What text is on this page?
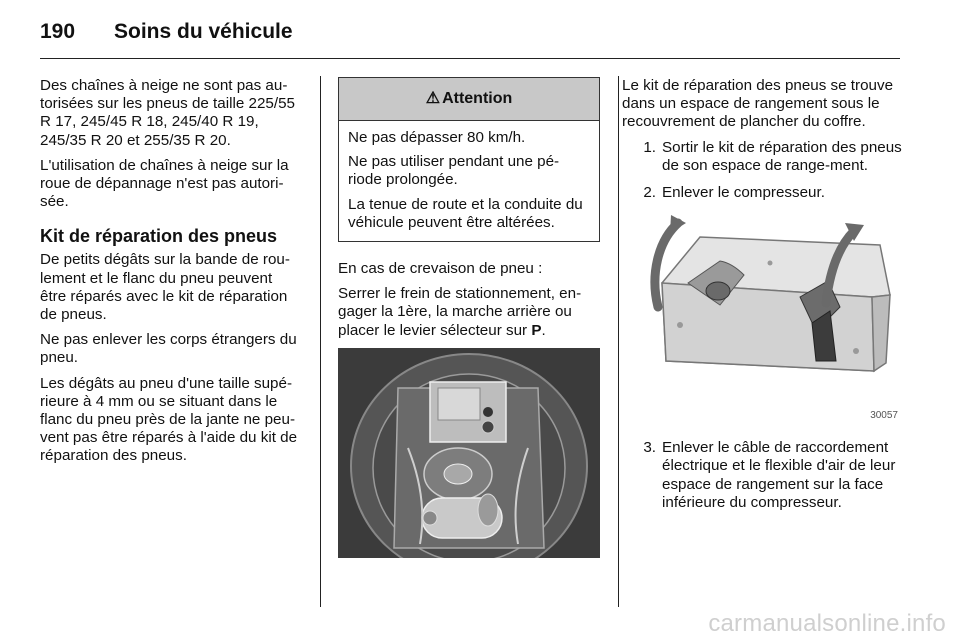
190	Soins du véhicule

Des chaînes à neige ne sont pas au-torisées sur les pneus de taille 225/55 R 17, 245/45 R 18, 245/40 R 19, 245/35 R 20 et 255/35 R 20.

L'utilisation de chaînes à neige sur la roue de dépannage n'est pas autori-sée.

Kit de réparation des pneus

De petits dégâts sur la bande de rou-lement et le flanc du pneu peuvent être réparés avec le kit de réparation de pneus.

Ne pas enlever les corps étrangers du pneu.

Les dégâts au pneu d'une taille supé-rieure à 4 mm ou se situant dans le flanc du pneu près de la jante ne peu-vent pas être réparés à l'aide du kit de réparation des pneus.

⚠ Attention

Ne pas dépasser 80 km/h.

Ne pas utiliser pendant une pé-riode prolongée.

La tenue de route et la conduite du véhicule peuvent être altérées.

En cas de crevaison de pneu :

Serrer le frein de stationnement, en-gager la 1ère, la marche arrière ou placer le levier sélecteur sur P.

Le kit de réparation des pneus se trouve dans un espace de rangement sous le recouvrement de plancher du coffre.

1. Sortir le kit de réparation des pneus de son espace de range-ment.
2. Enlever le compresseur.
30057
3. Enlever le câble de raccordement électrique et le flexible d'air de leur espace de rangement sur la face inférieure du compresseur.
carmanualsonline.info
